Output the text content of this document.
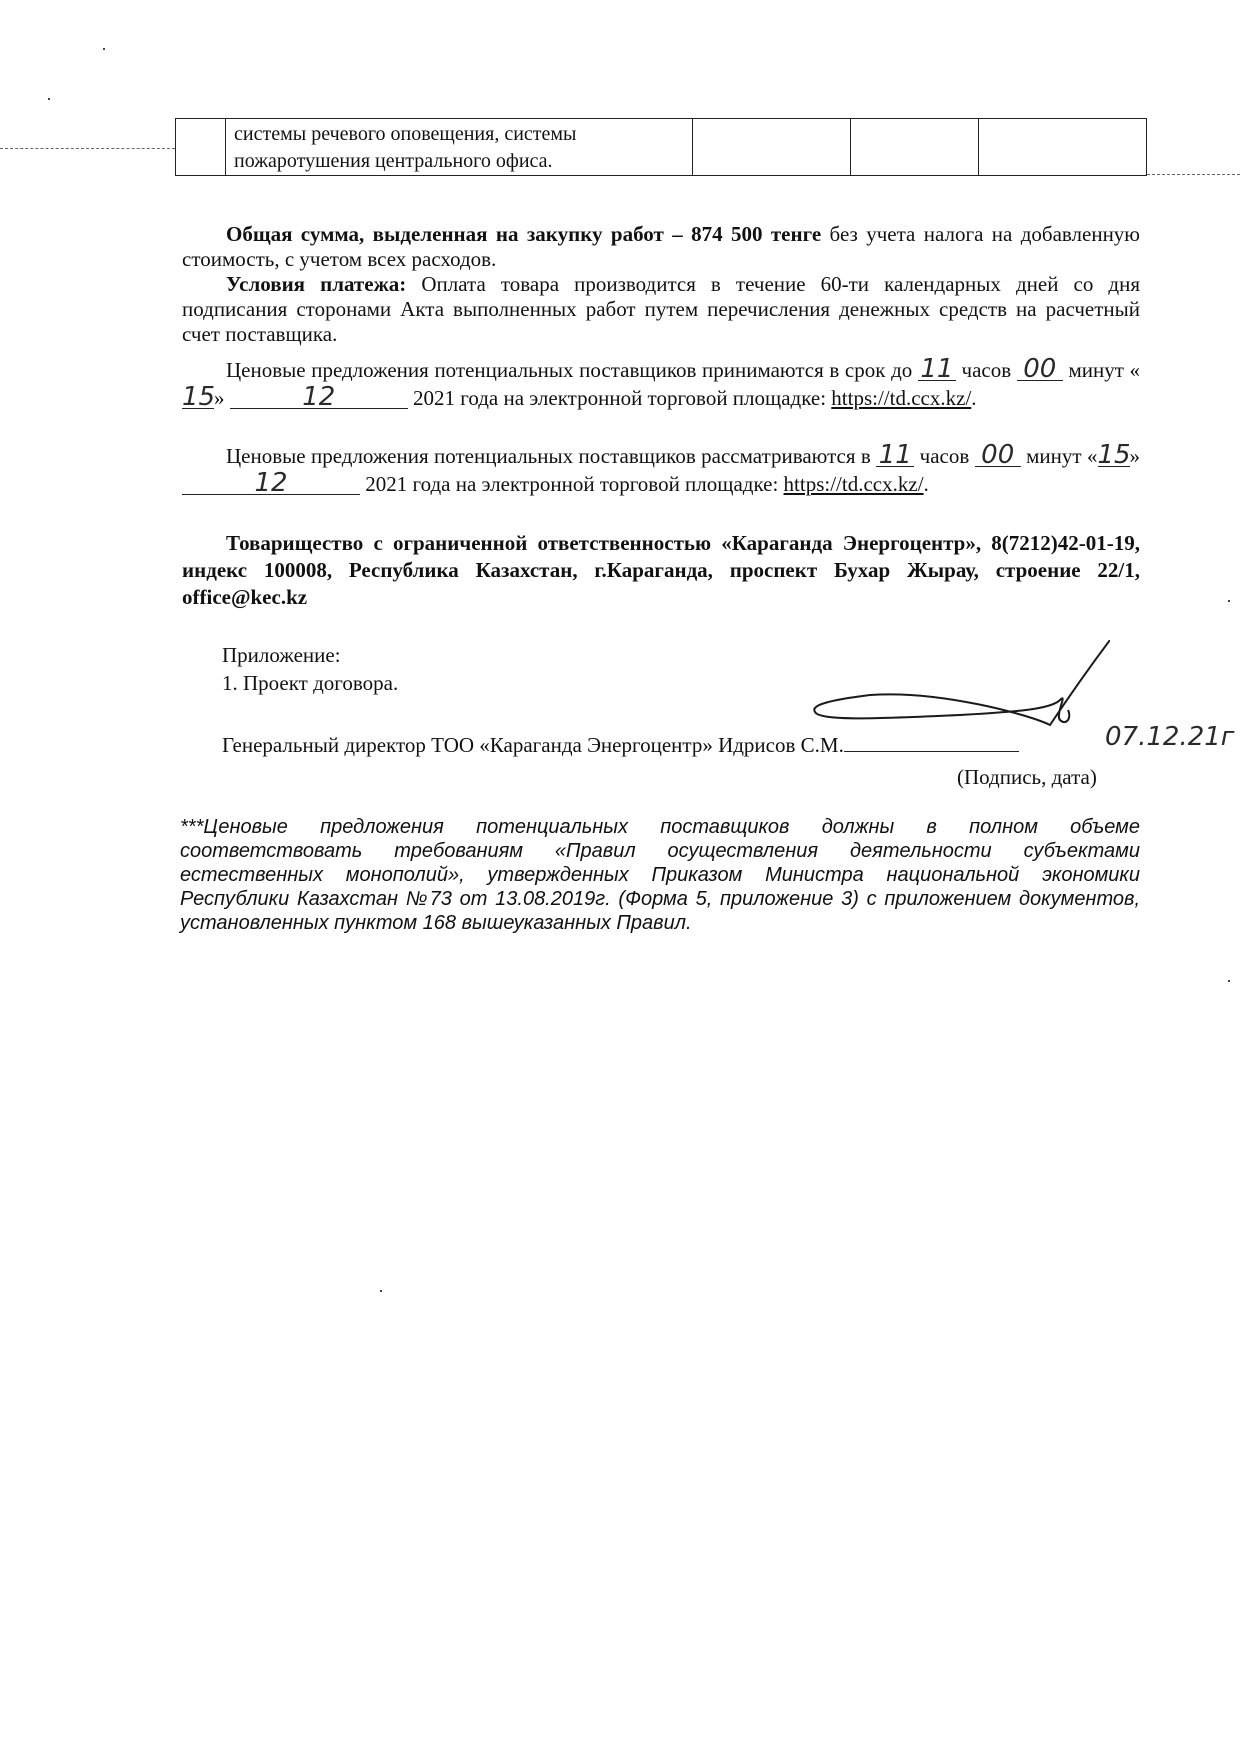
системы речевого оповещения, системы
пожаротушения центрального офиса.

Общая сумма, выделенная на закупку работ – 874 500 тенге без учета налога на добавленную стоимость, с учетом всех расходов.
Условия платежа: Оплата товара производится в течение 60-ти календарных дней со дня подписания сторонами Акта выполненных работ путем перечисления денежных средств на расчетный счет поставщика.
Ценовые предложения потенциальных поставщиков принимаются в срок до 11 часов 00 минут «15»	12	2021 года на электронной торговой площадке: https://td.ccx.kz/.
Ценовые предложения потенциальных поставщиков рассматриваются в 11 часов 00 минут «15» 12	2021 года на электронной торговой площадке: https://td.ccx.kz/.
Товарищество с ограниченной ответственностью «Караганда Энергоцентр», 8(7212)42-01-19, индекс 100008, Республика Казахстан, г.Караганда, проспект Бухар Жырау, строение 22/1, office@kec.kz
Приложение:
1. Проект договора.
Генеральный директор ТОО «Караганда Энергоцентр» Идрисов С.М.	07.12.21г
(Подпись, дата)
***Ценовые предложения потенциальных поставщиков должны в полном объеме соответствовать требованиям «Правил осуществления деятельности субъектами естественных монополий», утвержденных Приказом Министра национальной экономики Республики Казахстан №73 от 13.08.2019г. (Форма 5, приложение 3) с приложением документов, установленных пунктом 168 вышеуказанных Правил.
